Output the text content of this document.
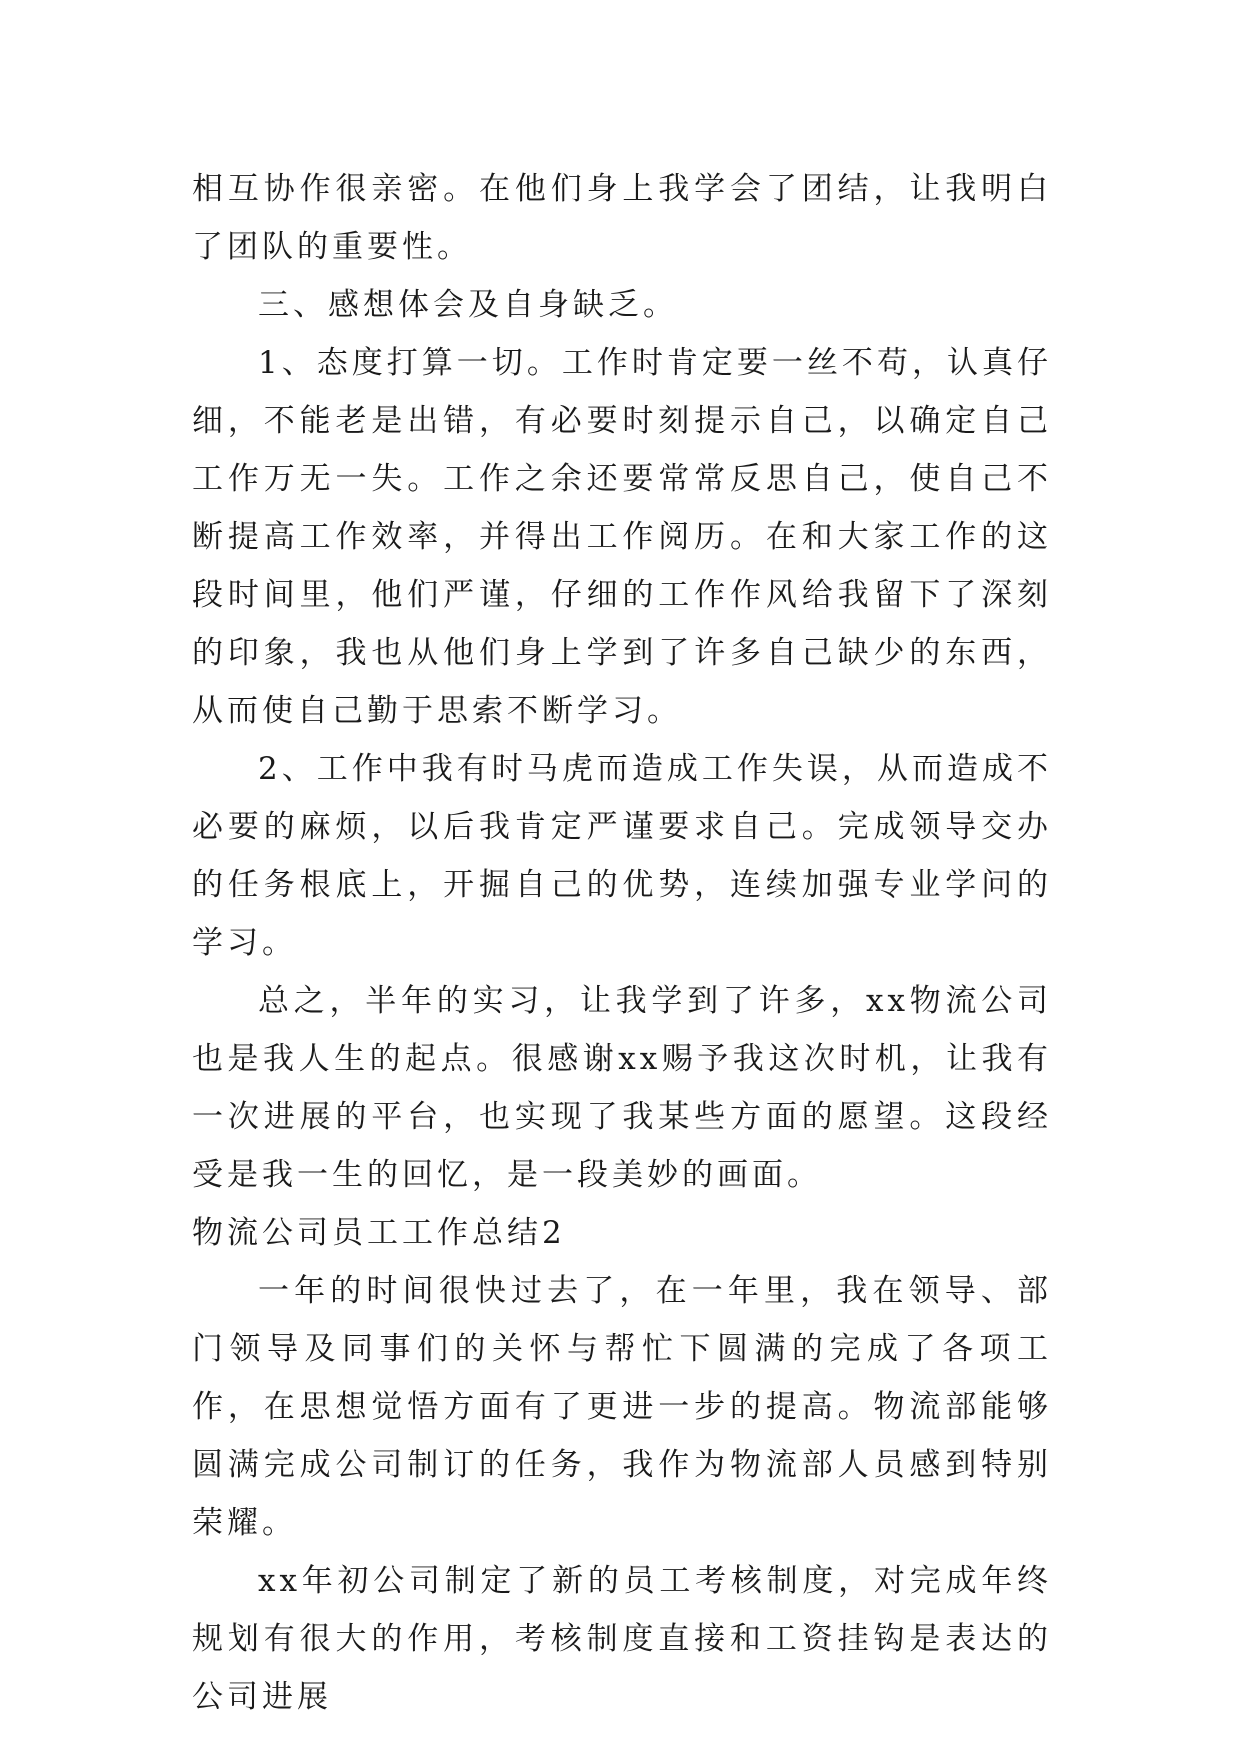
相互协作很亲密。在他们身上我学会了团结，让我明白了团队的重要性。

三、感想体会及自身缺乏。

1、态度打算一切。工作时肯定要一丝不苟，认真仔细，不能老是出错，有必要时刻提示自己，以确定自己工作万无一失。工作之余还要常常反思自己，使自己不断提高工作效率，并得出工作阅历。在和大家工作的这段时间里，他们严谨，仔细的工作作风给我留下了深刻的印象，我也从他们身上学到了许多自己缺少的东西，从而使自己勤于思索不断学习。

2、工作中我有时马虎而造成工作失误，从而造成不必要的麻烦，以后我肯定严谨要求自己。完成领导交办的任务根底上，开掘自己的优势，连续加强专业学问的学习。

总之，半年的实习，让我学到了许多，xx物流公司也是我人生的起点。很感谢xx赐予我这次时机，让我有一次进展的平台，也实现了我某些方面的愿望。这段经受是我一生的回忆，是一段美妙的画面。

物流公司员工工作总结2

一年的时间很快过去了，在一年里，我在领导、部门领导及同事们的关怀与帮忙下圆满的完成了各项工作，在思想觉悟方面有了更进一步的提高。物流部能够圆满完成公司制订的任务，我作为物流部人员感到特别荣耀。

xx年初公司制定了新的员工考核制度，对完成年终规划有很大的作用，考核制度直接和工资挂钩是表达的公司进展
